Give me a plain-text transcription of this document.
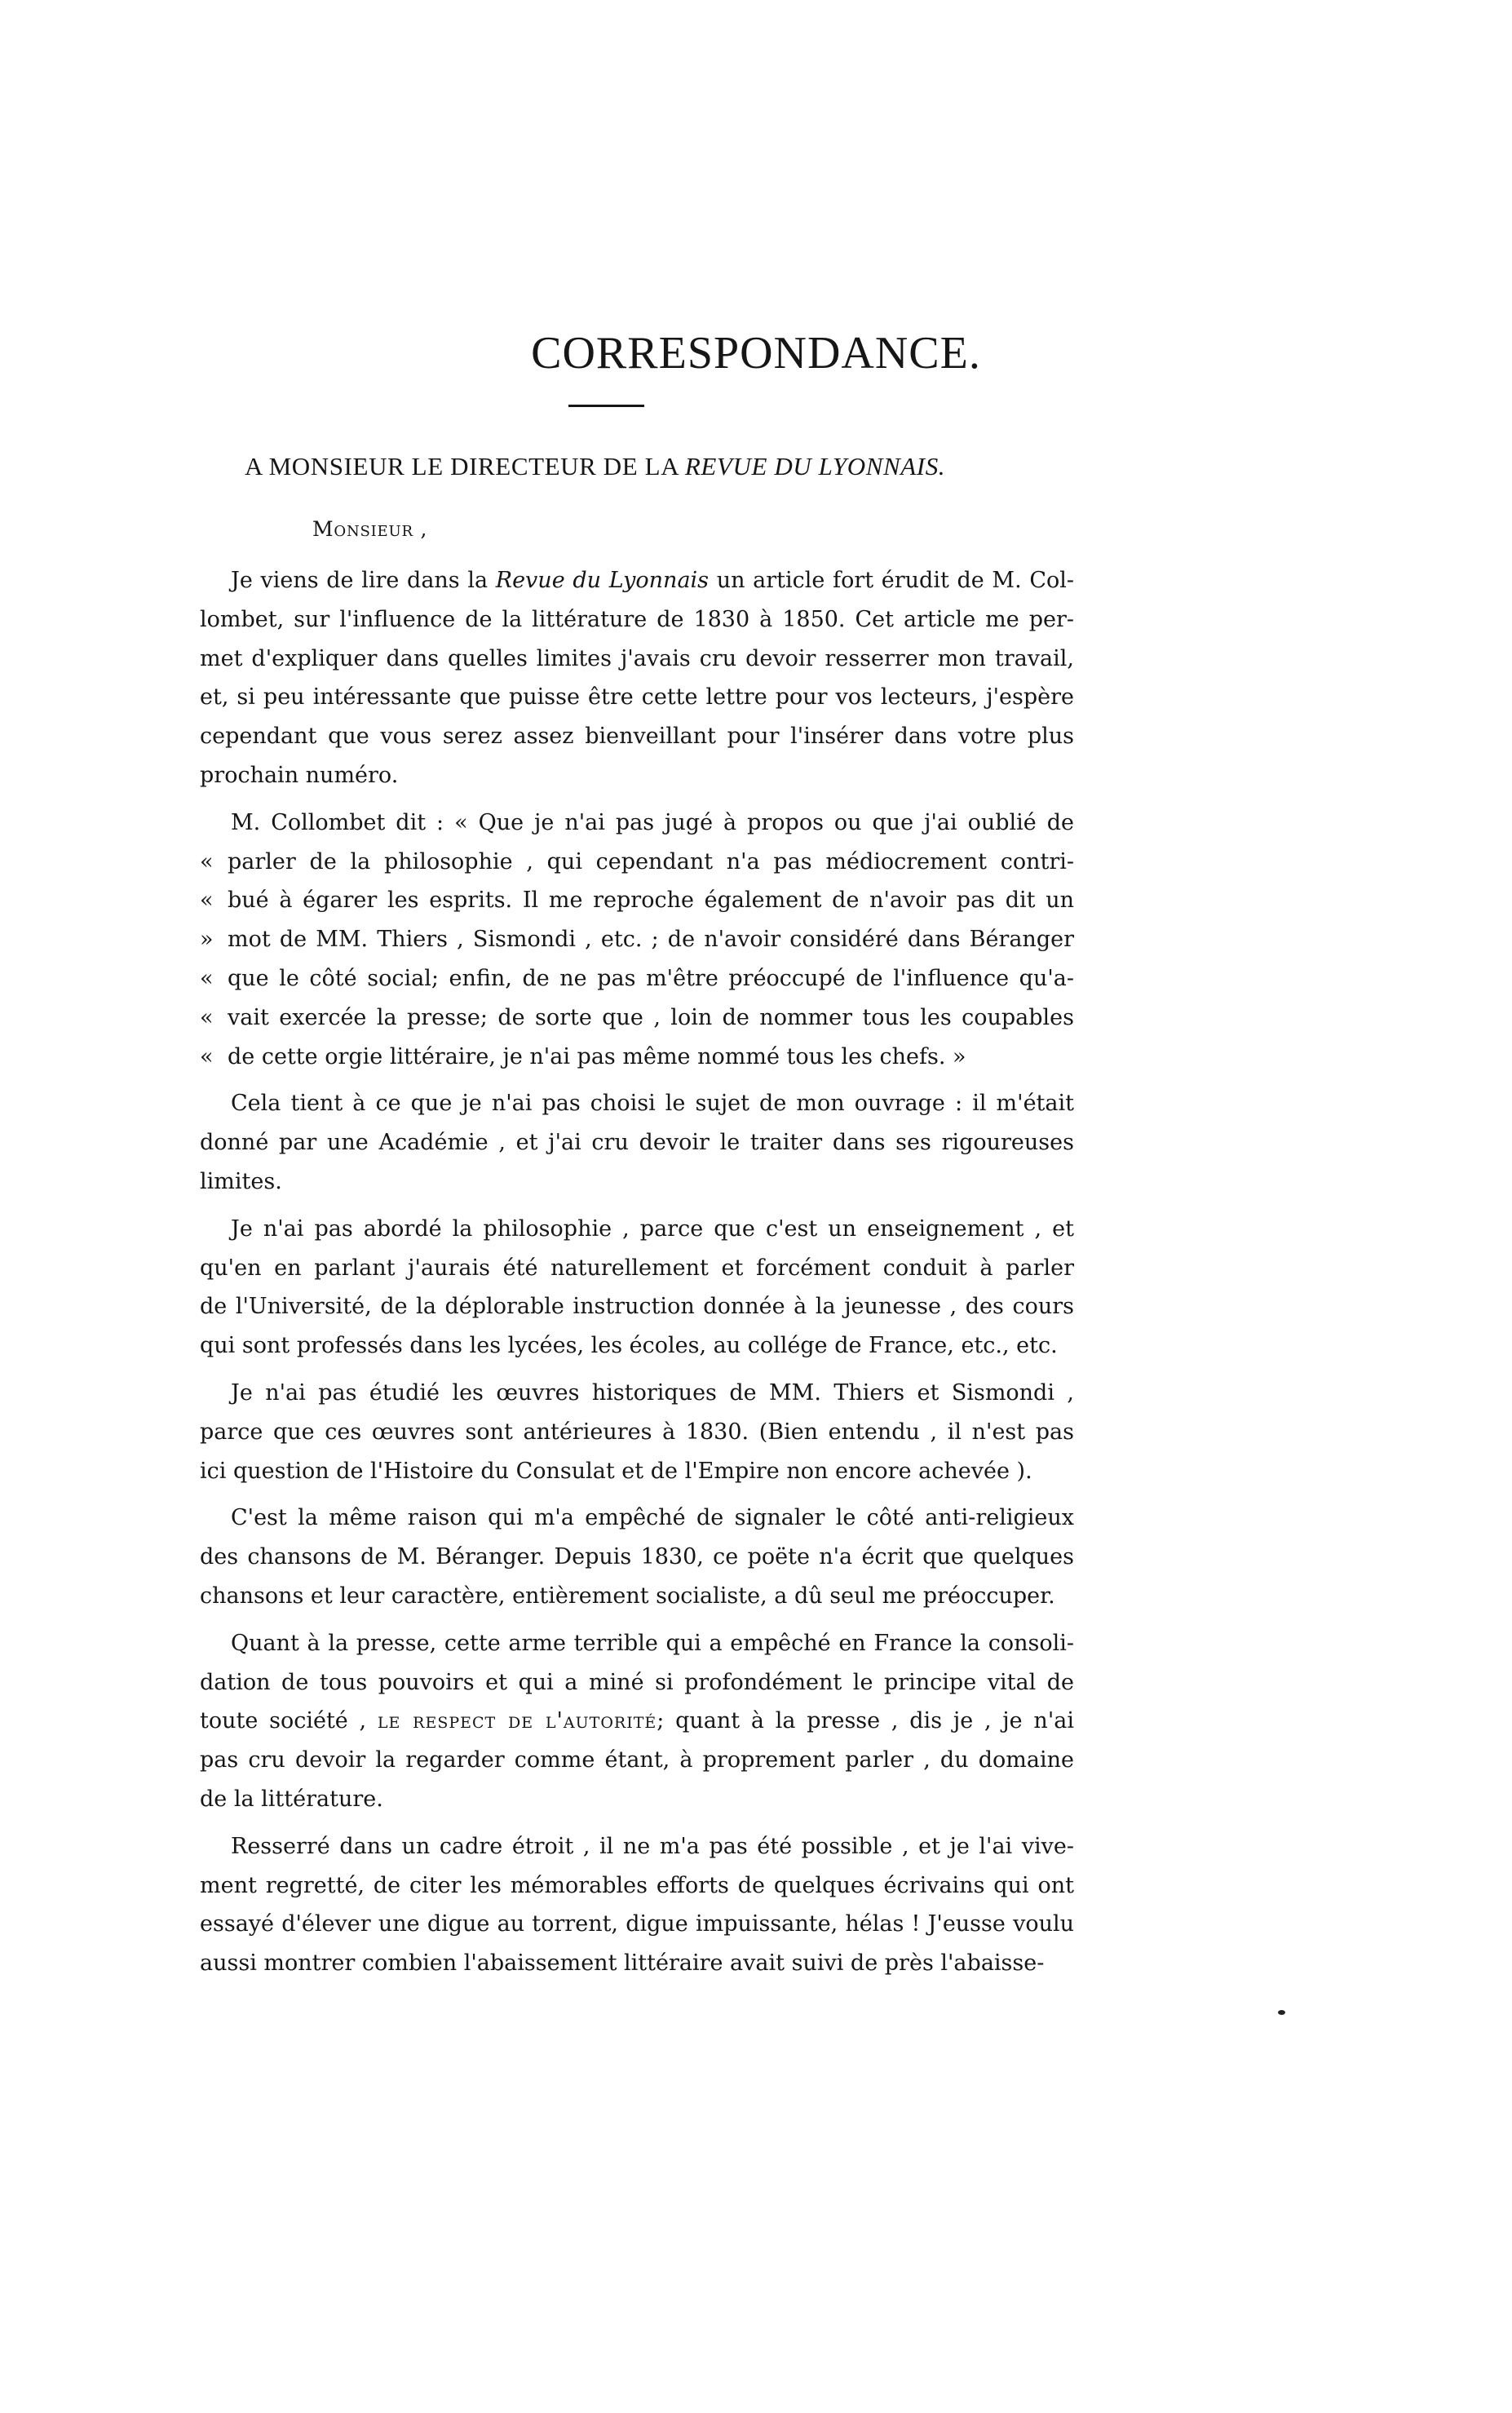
CORRESPONDANCE.
A MONSIEUR LE DIRECTEUR DE LA REVUE DU LYONNAIS.
Monsieur ,
Je viens de lire dans la Revue du Lyonnais un article fort érudit de M. Col-
lombet, sur l'influence de la littérature de 1830 à 1850. Cet article me per-
met d'expliquer dans quelles limites j'avais cru devoir resserrer mon travail,
et, si peu intéressante que puisse être cette lettre pour vos lecteurs, j'espère
cependant que vous serez assez bienveillant pour l'insérer dans votre plus
prochain numéro.
M. Collombet dit : « Que je n'ai pas jugé à propos ou que j'ai oublié de
« parler de la philosophie , qui cependant n'a pas médiocrement contri-
« bué à égarer les esprits. Il me reproche également de n'avoir pas dit un
» mot de MM. Thiers , Sismondi , etc. ; de n'avoir considéré dans Béranger
« que le côté social; enfin, de ne pas m'être préoccupé de l'influence qu'a-
« vait exercée la presse; de sorte que , loin de nommer tous les coupables
« de cette orgie littéraire, je n'ai pas même nommé tous les chefs. »
Cela tient à ce que je n'ai pas choisi le sujet de mon ouvrage : il m'était
donné par une Académie , et j'ai cru devoir le traiter dans ses rigoureuses
limites.
Je n'ai pas abordé la philosophie , parce que c'est un enseignement , et
qu'en en parlant j'aurais été naturellement et forcément conduit à parler
de l'Université, de la déplorable instruction donnée à la jeunesse , des cours
qui sont professés dans les lycées, les écoles, au collége de France, etc., etc.
Je n'ai pas étudié les œuvres historiques de MM. Thiers et Sismondi ,
parce que ces œuvres sont antérieures à 1830. (Bien entendu , il n'est pas
ici question de l'Histoire du Consulat et de l'Empire non encore achevée ).
C'est la même raison qui m'a empêché de signaler le côté anti-religieux
des chansons de M. Béranger. Depuis 1830, ce poëte n'a écrit que quelques
chansons et leur caractère, entièrement socialiste, a dû seul me préoccuper.
Quant à la presse, cette arme terrible qui a empêché en France la consoli-
dation de tous pouvoirs et qui a miné si profondément le principe vital de
toute société , le respect de l'autorité; quant à la presse , dis je , je n'ai
pas cru devoir la regarder comme étant, à proprement parler , du domaine
de la littérature.
Resserré dans un cadre étroit , il ne m'a pas été possible , et je l'ai vive-
ment regretté, de citer les mémorables efforts de quelques écrivains qui ont
essayé d'élever une digue au torrent, digue impuissante, hélas ! J'eusse voulu
aussi montrer combien l'abaissement littéraire avait suivi de près l'abaisse-
